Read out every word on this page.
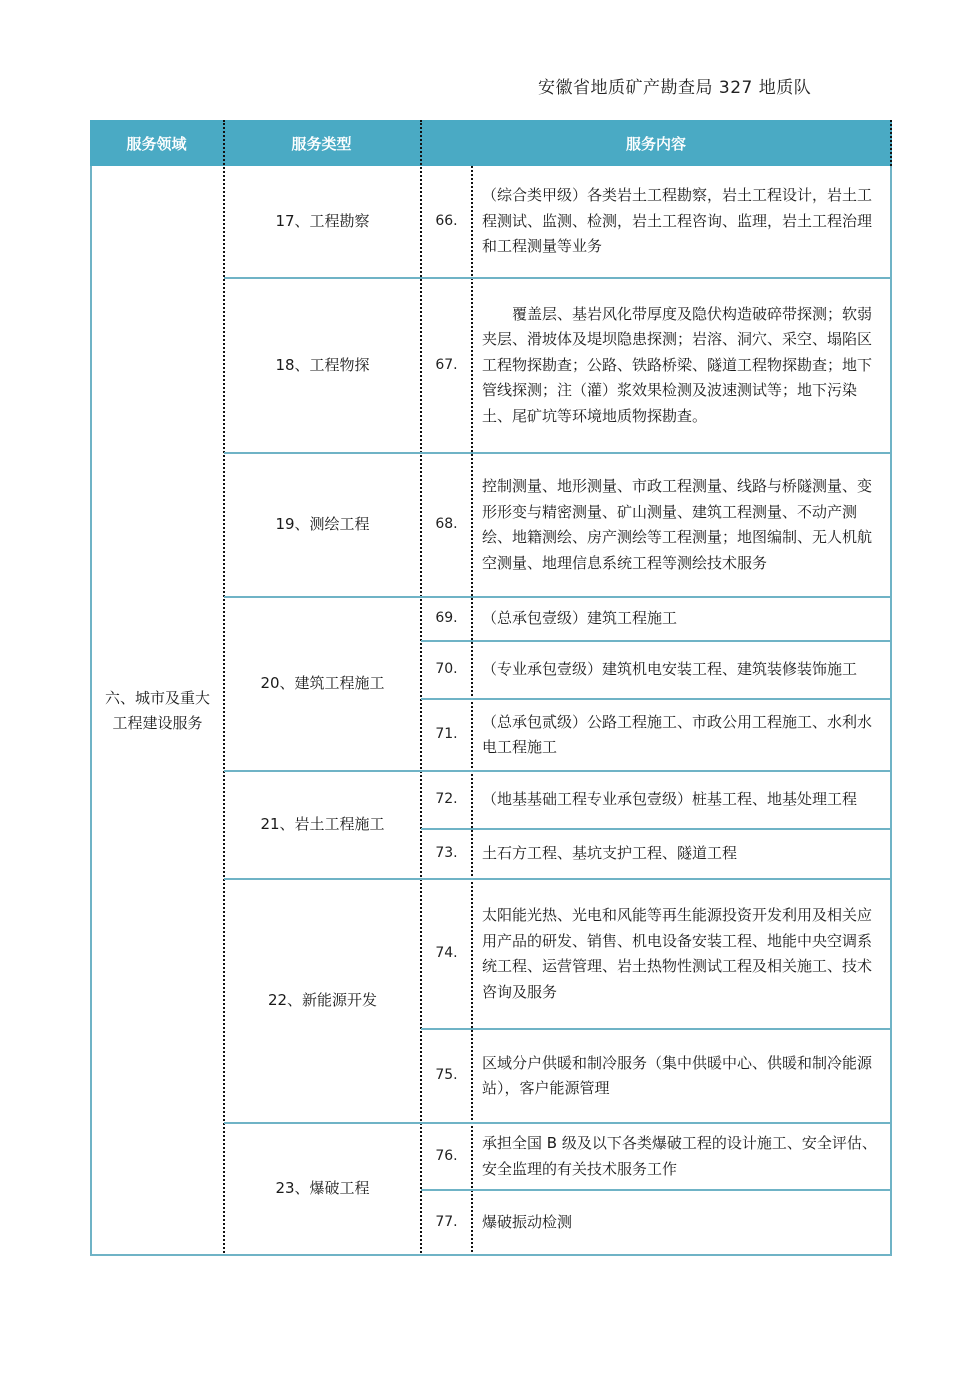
安徽省地质矿产勘查局 327 地质队
服务领域	服务类型	服务内容
六、城市及重大
工程建设服务
17、工程勘察
18、工程物探
19、测绘工程
20、建筑工程施工
21、岩土工程施工
22、新能源开发
23、爆破工程
66.
67.
68.
69.
70.
71.
72.
73.
74.
75.
76.
77.
（综合类甲级）各类岩土工程勘察，岩土工程设计，岩土工程测试、监测、检测，岩土工程咨询、监理，岩土工程治理和工程测量等业务
覆盖层、基岩风化带厚度及隐伏构造破碎带探测；软弱夹层、滑坡体及堤坝隐患探测；岩溶、洞穴、采空、塌陷区工程物探勘查；公路、铁路桥梁、隧道工程物探勘查；地下管线探测；注（灌）浆效果检测及波速测试等；地下污染土、尾矿坑等环境地质物探勘查。
控制测量、地形测量、市政工程测量、线路与桥隧测量、变形形变与精密测量、矿山测量、建筑工程测量、不动产测绘、地籍测绘、房产测绘等工程测量；地图编制、无人机航空测量、地理信息系统工程等测绘技术服务
（总承包壹级）建筑工程施工
（专业承包壹级）建筑机电安装工程、建筑装修装饰施工
（总承包贰级）公路工程施工、市政公用工程施工、水利水电工程施工
（地基基础工程专业承包壹级）桩基工程、地基处理工程
土石方工程、基坑支护工程、隧道工程
太阳能光热、光电和风能等再生能源投资开发利用及相关应用产品的研发、销售、机电设备安装工程、地能中央空调系统工程、运营管理、岩土热物性测试工程及相关施工、技术咨询及服务
区域分户供暖和制冷服务（集中供暖中心、供暖和制冷能源站），客户能源管理
承担全国 B 级及以下各类爆破工程的设计施工、安全评估、安全监理的有关技术服务工作
爆破振动检测
